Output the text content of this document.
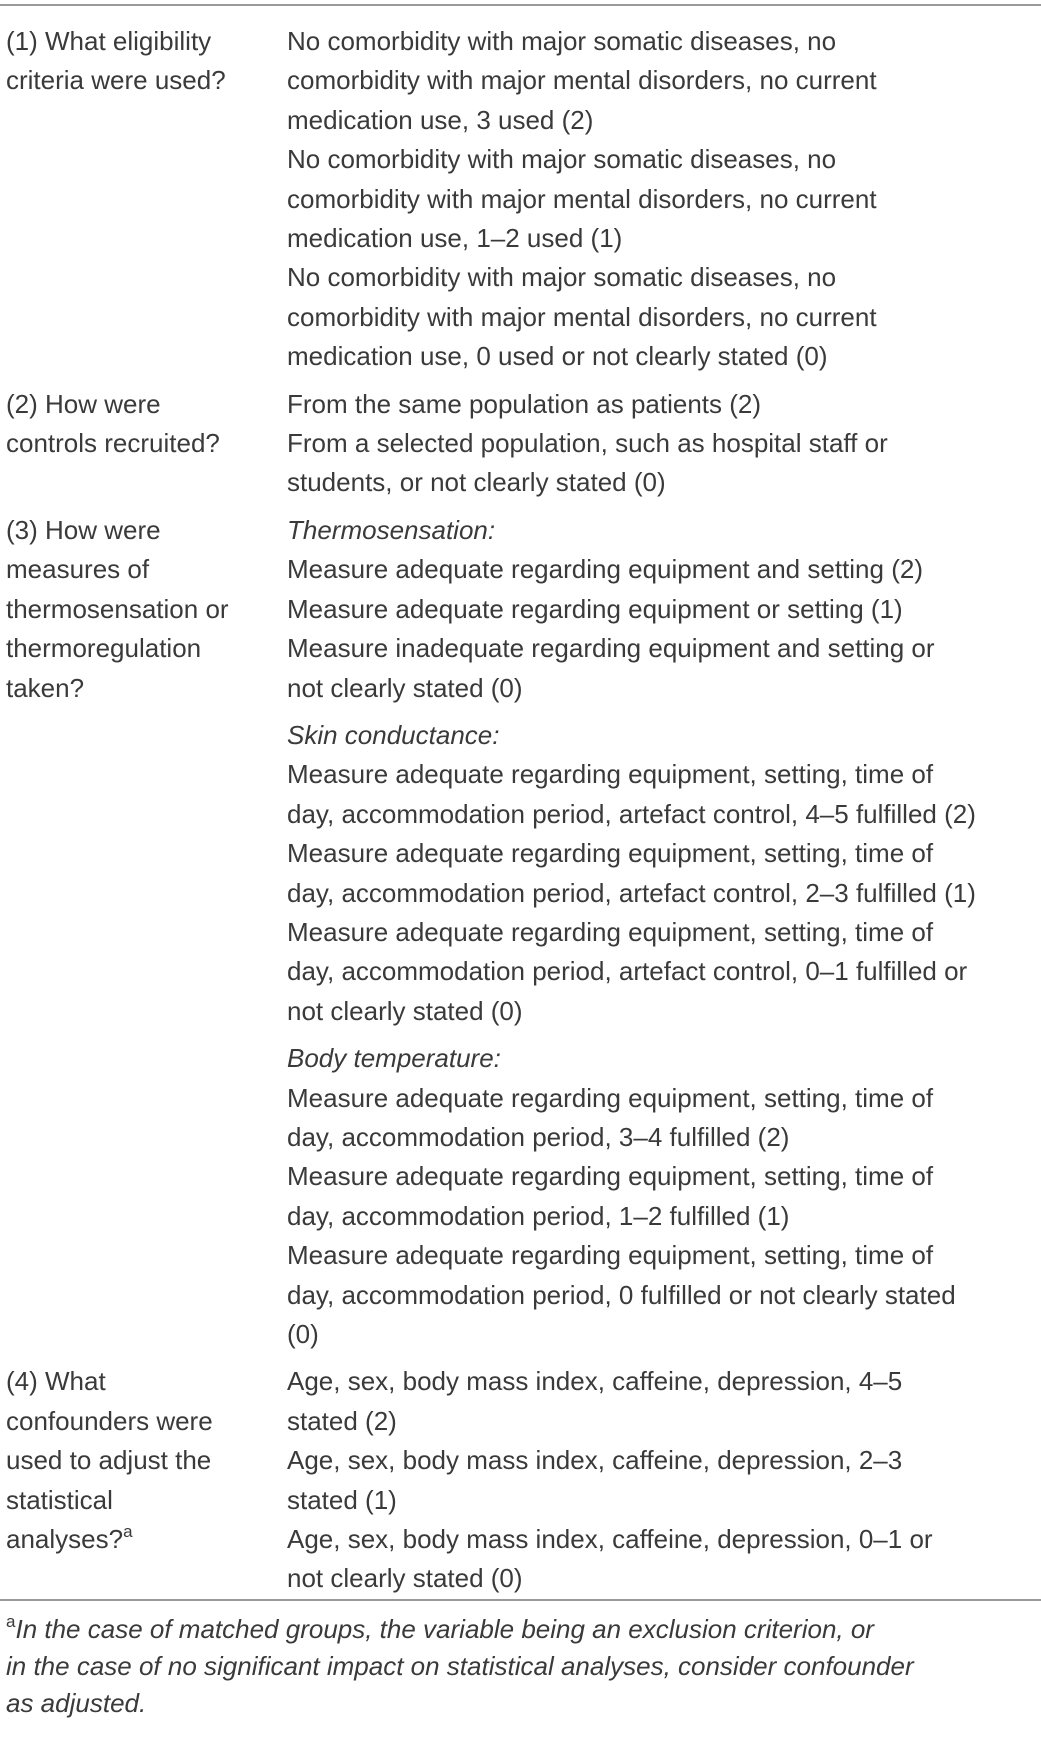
(1) What eligibility
criteria were used?
No comorbidity with major somatic diseases, no
comorbidity with major mental disorders, no current
medication use, 3 used (2)
No comorbidity with major somatic diseases, no
comorbidity with major mental disorders, no current
medication use, 1–2 used (1)
No comorbidity with major somatic diseases, no
comorbidity with major mental disorders, no current
medication use, 0 used or not clearly stated (0)
(2) How were
controls recruited?
From the same population as patients (2)
From a selected population, such as hospital staff or
students, or not clearly stated (0)
(3) How were
measures of
thermosensation or
thermoregulation
taken?
Thermosensation:
Measure adequate regarding equipment and setting (2)
Measure adequate regarding equipment or setting (1)
Measure inadequate regarding equipment and setting or
not clearly stated (0)
Skin conductance:
Measure adequate regarding equipment, setting, time of
day, accommodation period, artefact control, 4–5 fulfilled (2)
Measure adequate regarding equipment, setting, time of
day, accommodation period, artefact control, 2–3 fulfilled (1)
Measure adequate regarding equipment, setting, time of
day, accommodation period, artefact control, 0–1 fulfilled or
not clearly stated (0)
Body temperature:
Measure adequate regarding equipment, setting, time of
day, accommodation period, 3–4 fulfilled (2)
Measure adequate regarding equipment, setting, time of
day, accommodation period, 1–2 fulfilled (1)
Measure adequate regarding equipment, setting, time of
day, accommodation period, 0 fulfilled or not clearly stated
(0)
(4) What
confounders were
used to adjust the
statistical
analyses?$^a$
Age, sex, body mass index, caffeine, depression, 4–5
stated (2)
Age, sex, body mass index, caffeine, depression, 2–3
stated (1)
Age, sex, body mass index, caffeine, depression, 0–1 or
not clearly stated (0)
$^a$In the case of matched groups, the variable being an exclusion criterion, or
in the case of no significant impact on statistical analyses, consider confounder
as adjusted.
